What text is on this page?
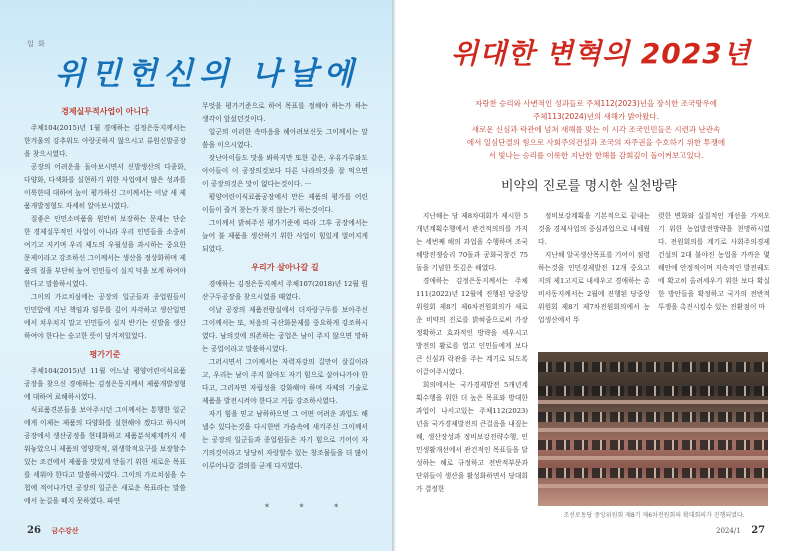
일 화
위민헌신의 나날에
경제실무적사업이 아니다

주체104(2015)년 1월 경애하는 김정은동지께서는 한겨울의 강추위도 아랑곳하지 않으시고 류원신발공장을 찾으시였다.

공장의 어려운을 돌아보시면서 신발생산의 다종화, 다양화, 다색화를 실현하기 위한 사업에서 많은 성과를 이룩한데 대하여 높이 평가하신 그이께서는 이날 새 제품개발정형도 자세히 알아보시였다.

질좋은 인민소비품을 원만히 보장하는 문제는 단순한 경제실무적인 사업이 아니라 우리 인민들을 소중히 여기고 지키며 우리 제도의 우월성을 과시하는 중요한 문제이라고 강조하신 그이께서는 생산을 정상화하며 제품의 질을 부단히 높여 인민들이 실지 덕을 보게 하여야 한다고 말씀하시였다.

그이의 가르치심에는 공장의 일군들과 종업원들이 인민앞에 지닌 책임과 임무를 깊이 자각하고 생산일면에서 치우치지 말고 인민들이 실지 반기는 신발을 생산하여야 한다는 숭고한 뜻이 담겨져있었다.

평가기준

주체104(2015)년 11월 어느날 평양어린이식료품공장을 찾으신 경애하는 김정은동지께서 제품개발정형에 대하여 료해하시였다.

식료품견본들을 보아주시던 그이께서는 통행한 일군에게 이제는 제품의 다양화를 실현해야 겠다고 하시며 공장에서 생산공정을 현대화하고 제품분석체계까지 세워놓았으니 제품의 영양학적, 위생학적요구를 보장할수 있는 조건에서 제품을 맛있게 만들기 위한 새로운 목표를 세워야 한다고 말씀하시였다. 그이의 가르치심을 수첩에 적어나가던 공장의 일군은 새로운 목표라는 말씀에서 눈길을 떼지 못하였다. 파연

무엇을 평가기준으로 하여 목표를 정해야 하는가 하는 생각이 앞섰던것이다.

일군의 이러한 속마음을 헤아려보신듯 그이께서는 말씀을 이으시였다.

잣난아이들도 맛을 봐하지만 또한 같은, 우유가루와도 아이들이 이 공장의것보다 다른 나라의것을 잘 먹으면 이 공장의것은 맛이 없다는것이다. ···

평양어린이식료품공장에서 만든 제품의 평가를 어린이들이 즐겨 찾는가 찾지 않는가 하는것이다.

그이께서 밝혀주신 평가기준에 따라 그후 공장에서는 늘어 불 제품을 생산하기 위한 사업이 힘있게 벌어지게 되였다.

우리가 살아나갈 길

경애하는 김정은동지께서 주체107(2018)년 12월 원산구두공장을 찾으시였을 때였다.

이날 공장의 제품전람실에서 더자랑구두를 보아주신 그이께서는 또, 처음의 국산화문제를 중요하게 강조하시였다. 남의것에 의존하는 공업은 남이 주지 않으면 망하는 공업이라고 말씀하시였다.

그러시면서 그이께서는 자력자강의 길만이 살길이라고, 우리는 남이 주지 않아도 자기 힘으로 살아나가야 한다고, 그러자면 자립성을 강화해야 하며 자체의 기술로 제품을 발전시켜야 한다고 거듭 강조하시였다.

자기 힘을 믿고 남하하으면 그 어떤 어려운 과업도 해낼수 있다는것을 다시한번 가슴속에 새겨주신 그이께서는 공장의 일군들과 종업원들은 자기 힘으로 기어이 자기의것이라고 당당히 자랑할수 있는 창조물들을 더 많이 이루어나갈 결의를 굳게 다지였다.

* * *
26 금수강산
위대한 변혁의 2023년

자랑찬 승리와 사변적인 성과들로 주체112(2023)년을 장식한 조국땅우에

주체113(2024)년의 새해가 밝아왔다.

새로운 신심과 락관에 넘쳐 새해를 맞는 이 시각 조국인민들은 시련과 난관속

에서 일심단결의 힘으로 사회주의건설과 조국의 자주권을 수호하기 위한 투쟁에

서 빛나는 승리를 이룩한 지난한 한해를 감회깊이 돌이켜보고있다.

비약의 진로를 명시한 실천방략

지난해는 당 제8차대회가 제시한 5개년계획수행에서 관건적의의를 가지는 세번째 해의 과업을 수행하며 조국해방전쟁승리 70돌과 공화국창건 75돌을 기념한 뜻깊은 해였다.

경애하는 김정은동지께서는 주체111(2022)년 12월에 진행된 당중앙위원회 제8기 제6차전원회의가 새로운 비약의 진로를 밝혀줌으로써 가장 정확하고 효과적인 방략을 세우시고 방전의 활로를 열고 인민들에게 보다 큰 신심과 락관을 주는 계기로 되도록 이끌어주시였다.

회의에서는 국가경제발전 5개년계획수행을 위한 더 높은 목표와 방대한 과업이 나서고있는 주체112(2023)년을 국가경제발전의 큰걸음을 내짚는 해, 생산장성과 정비보강전략수행, 인민생활개선에서 관건적인 목표들을 달성하는 해로 규정하고 전반적부문과 단위들이 생산을 활성화하면서 당대회가 결정한

정비보강계획을 기본적으로 끝내는것을 경제사업의 중심과업으로 내세웠다.

지난해 알곡생산목표를 기어이 점령하는것을 인민경제발전 12개 중요고지의 제1고지로 내세우고 경애하는 총비서동지께서는 2월에 진행된 당중앙위원회 제8기 제7차전원회의에서 농업생산에서 뚜

렷한 변화와 실질적인 개선을 가져오기 위한 농업발전방략을 천명하시였다. 전원회의를 계기로 사회주의경제건설의 2대 불야진 농업을 가까운 몇해안에 안정적이며 지속적인 발전궤도에 확고히 올려세우기 위한 보다 확실한 방안들을 확정하고 국가의 전반적투쟁을 촉진시킴수 있는 전환점이 마

조선로동당 중앙위원회 제8기 제6차전원회의 확대회의가 진행되였다.
2024/1 27
